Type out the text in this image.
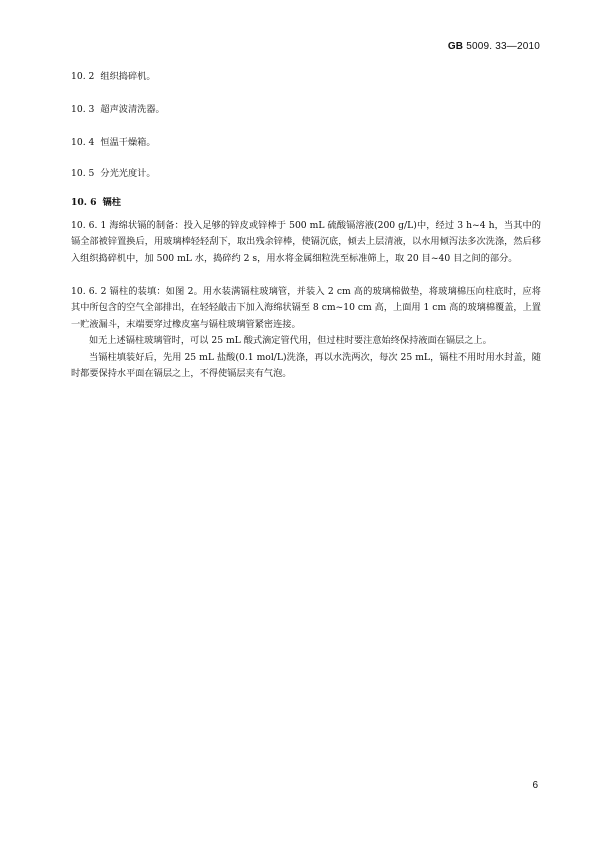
GB 5009. 33—2010
10. 2 组织捣碎机。
10. 3 超声波清洗器。
10. 4 恒温干燥箱。
10. 5 分光光度计。
10. 6 镉柱

10. 6. 1 海绵状镉的制备：投入足够的锌皮或锌棒于 500 mL 硫酸镉溶液(200 g/L)中，经过 3 h~4 h，当其中的镉全部被锌置换后，用玻璃棒轻轻刮下，取出残余锌棒，使镉沉底，倾去上层清液，以水用倾泻法多次洗涤，然后移入组织捣碎机中，加 500 mL 水，捣碎约 2 s，用水将金属细粒洗至标准筛上，取 20 目~40 目之间的部分。

10. 6. 2 镉柱的装填：如图 2。用水装满镉柱玻璃管，并装入 2 cm 高的玻璃棉做垫，将玻璃棉压向柱底时，应将其中所包含的空气全部排出，在轻轻敲击下加入海绵状镉至 8 cm~10 cm 高，上面用 1 cm 高的玻璃棉覆盖，上置一贮液漏斗，末端要穿过橡皮塞与镉柱玻璃管紧密连接。

如无上述镉柱玻璃管时，可以 25 mL 酸式滴定管代用，但过柱时要注意始终保持液面在镉层之上。

当镉柱填装好后，先用 25 mL 盐酸(0.1 mol/L)洗涤，再以水洗两次，每次 25 mL，镉柱不用时用水封盖，随时都要保持水平面在镉层之上，不得使镉层夹有气泡。

6
